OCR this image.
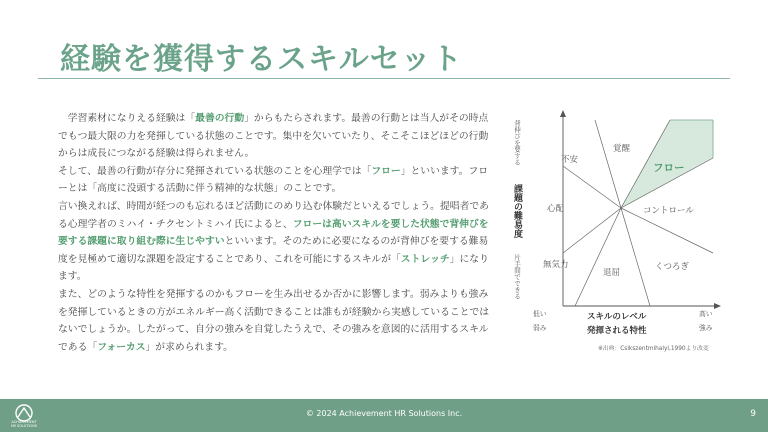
経験を獲得するスキルセット

　学習素材になりえる経験は「最善の行動」からもたらされます。最善の行動とは当人がその時点でもつ最大限の力を発揮している状態のことです。集中を欠いていたり、そこそこほどほどの行動からは成長につながる経験は得られません。

そして、最善の行動が存分に発揮されている状態のことを心理学では「フロー」といいます。フローとは「高度に没頭する活動に伴う精神的な状態」のことです。

言い換えれば、時間が経つのも忘れるほど活動にのめり込む体験だといえるでしょう。提唱者である心理学者のミハイ・チクセントミハイ氏によると、フローは高いスキルを要した状態で背伸びを要する課題に取り組む際に生じやすいといいます。そのために必要になるのが背伸びを要する難易度を見極めて適切な課題を設定することであり、これを可能にするスキルが「ストレッチ」になります。

また、どのような特性を発揮するのかもフローを生み出せるか否かに影響します。弱みよりも強みを発揮しているときの方がエネルギー高く活動できることは誰もが経験から実感していることではないでしょうか。したがって、自分の強みを自覚したうえで、その強みを意図的に活用するスキルである「フォーカス」が求められます。

背伸びを要する
課題の難易度
片手間でできる
不安
覚醒
フロー
心配	コントロール
無気力
退屈
くつろぎ
低い
弱み
高い
強み
スキルのレベル
発揮される特性
※出典：Csikszentmihalyi,1990より改変
ACHIEVEMENT HR SOLUTIONS
© 2024 Achievement HR Solutions Inc.	9
